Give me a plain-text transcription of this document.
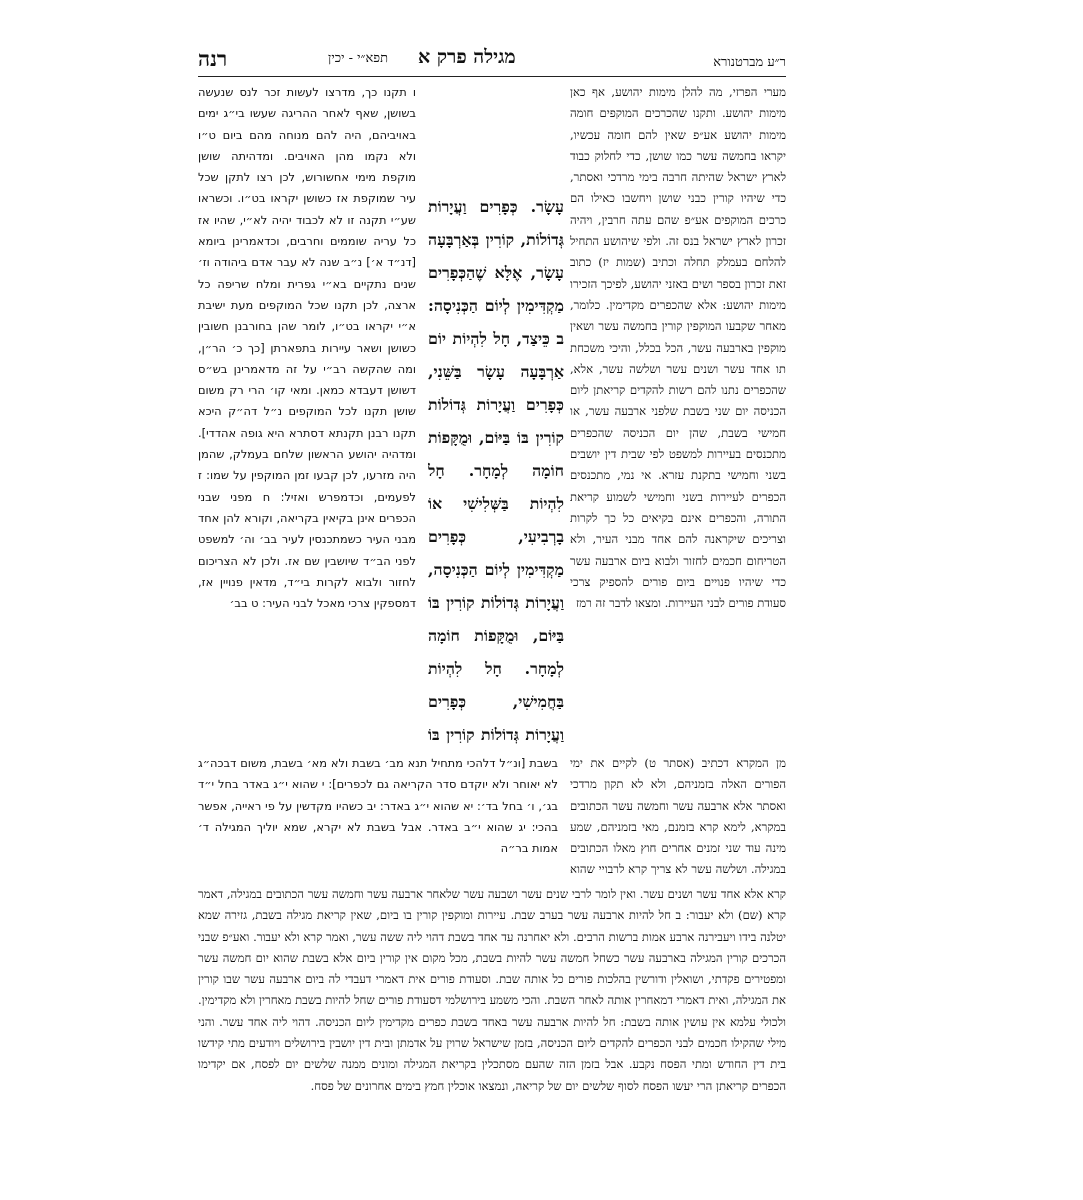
ר״ע מברטנורא
מגילה פרק א
תפא״י - יכין
רנה

מערי הפרזי, מה להלן מימות יהושע, אף כאן מימות יהושע. ותקנו שהכרכים המוקפים חומה מימות יהושע אע״פ שאין להם חומה עכשיו, יקראו בחמשה עשר כמו שושן, כדי לחלוק כבוד לארץ ישראל שהיתה חרבה בימי מרדכי ואסתר, כדי שיהיו קורין כבני שושן ויחשבו כאילו הם כרכים המוקפים אע״פ שהם עתה חרבין, ויהיה זכרון לארץ ישראל בנס זה. ולפי שיהושע התחיל להלחם בעמלק תחלה וכתיב (שמות יז) כתוב זאת זכרון בספר ושים באזני יהושע, לפיכך הזכירו מימות יהושע: אלא שהכפרים מקדימין. כלומר, מאחר שקבעו המוקפין קורין בחמשה עשר ושאין מוקפין בארבעה עשר, הכל בכלל, והיכי משכחת תו אחד עשר ושנים עשר ושלשה עשר, אלא, שהכפרים נתנו להם רשות להקדים קריאתן ליום הכניסה יום שני בשבת שלפני ארבעה עשר, או חמישי בשבת, שהן יום הכניסה שהכפרים מתכנסים בעיירות למשפט לפי שבית דין יושבים בשני וחמישי בתקנת עזרא. אי נמי, מתכנסים הכפרים לעיירות בשני וחמישי לשמוע קריאת התורה, והכפרים אינם בקיאים כל כך לקרות וצריכים שיקראנה להם אחד מבני העיר, ולא הטריחום חכמים לחזור ולבוא ביום ארבעה עשר כדי שיהיו פנויים ביום פורים להספיק צרכי סעודת פורים לבני העיירות. ומצאו לדבר זה רמז

עָשָׂר. כְּפָרִים וַעֲיָרוֹת גְּדוֹלוֹת, קוֹרִין בְּאַרְבָּעָה עָשָׂר, אֶלָּא שֶׁהַכְּפָרִים מַקְדִּימִין לְיוֹם הַכְּנִיסָה: ב כֵּיצַד, חָל לִהְיוֹת יוֹם אַרְבָּעָה עָשָׂר בַּשֵּׁנִי, כְּפָרִים וַעֲיָרוֹת גְּדוֹלוֹת קוֹרִין בּוֹ בַּיּוֹם, וּמֻקָּפוֹת חוֹמָה לְמָחָר. חָל לִהְיוֹת בַּשְּׁלִישִׁי אוֹ בָרְבִיעִי, כְּפָרִים מַקְדִּימִין לְיוֹם הַכְּנִיסָה, וַעֲיָרוֹת גְּדוֹלוֹת קוֹרִין בּוֹ בַּיּוֹם, וּמֻקָּפוֹת חוֹמָה לְמָחָר. חָל לִהְיוֹת בַּחֲמִישִׁי, כְּפָרִים וַעֲיָרוֹת גְּדוֹלוֹת קוֹרִין בּוֹ

ו תקנו כך, מדרצו לעשות זכר לנס שנעשה בשושן, שאף לאחר ההריגה שעשו בי״ג ימים באויביהם, היה להם מנוחה מהם ביום ט״ו ולא נקמו מהן האויבים. ומדהיתה שושן מוקפת מימי אחשורוש, לכן רצו לתקן שכל עיר שמוקפת אז כשושן יקראו בט״ו. וכשראו שע״י תקנה זו לא לכבוד יהיה לא״י, שהיו אז כל עריה שוממים וחרבים, וכדאמרינן ביומא [דנ״ד א׳] נ״ב שנה לא עבר אדם ביהודה וז׳ שנים נתקיים בא״י גפרית ומלח שריפה כל ארצה, לכן תקנו שכל המוקפים מעת ישיבת א״י יקראו בט״ו, לומר שהן בחורבנן חשובין כשושן ושאר עיירות בתפארתן [כך כ׳ הר״ן, ומה שהקשה רב״י על זה מדאמרינן בש״ס דשושן דעבדא כמאן. ומאי קו׳ הרי רק משום שושן תקנו לכל המוקפים נ״ל דה״ק היכא תקנו רבנן תקנתא דסתרא היא גופה אהדדי]. ומדהיה יהושע הראשון שלחם בעמלק, שהמן היה מזרעו, לכן קבעו זמן המוקפין על שמו: ז לפעמים, וכדמפרש ואזיל: ח מפני שבני הכפרים אינן בקיאין בקריאה, וקורא להן אחד מבני העיר כשמתכנסין לעיר בב׳ וה׳ למשפט לפני הב״ד שיושבין שם אז. ולכן לא הצריכום לחזור ולבוא לקרות בי״ד, מדאין פנויין אז, דמספקין צרכי מאכל לבני העיר: ט בב׳

מן המקרא דכתיב (אסתר ט) לקיים את ימי הפורים האלה בזמניהם, ולא לא תקון מרדכי ואסתר אלא ארבעה עשר וחמשה עשר הכתובים במקרא, לימא קרא בזמנם, מאי בזמניהם, שמע מינה עוד שני זמנים אחרים חוץ מאלו הכתובים במגילה. ושלשה עשר לא צריך קרא לרבויי שהוא

בשבת [ונ״ל דלהכי מתחיל תנא מב׳ בשבת ולא מא׳ בשבת, משום דבכה״ג לא יאוחר ולא יוקדם סדר הקריאה גם לכפרים]: י שהוא י״ג באדר בחל י״ד בג׳, ו׳ בחל בד׳: יא שהוא י״ג באדר: יב כשהיו מקדשין על פי ראייה, אפשר בהכי: יג שהוא י״ב באדר. אבל בשבת לא יקרא, שמא יוליך המגילה ד׳ אמות בר״ה

קרא אלא אחד עשר ושנים עשר. ואין לומר לרבי שנים עשר ושבעה עשר שלאחר ארבעה עשר וחמשה עשר הכתובים במגילה, דאמר קרא (שם) ולא יעבור: ב חל להיות ארבעה עשר בערב שבת. עיירות ומוקפין קורין בו ביום, שאין קריאת מגילה בשבת, גזירה שמא יטלנה בידו ויעבירנה ארבע אמות ברשות הרבים. ולא יאחרנה עד אחד בשבת דהוי ליה ששה עשר, ואמר קרא ולא יעבור. ואע״פ שבני הכרכים קורין המגילה בארבעה עשר כשחל חמשה עשר להיות בשבת, מכל מקום אין קורין ביום אלא בשבת שהוא יום חמשה עשר ומפטירים פקדתי, ושואלין ודורשין בהלכות פורים כל אותה שבת. וסעודת פורים אית דאמרי דעבדי לה ביום ארבעה עשר שבו קורין את המגילה, ואית דאמרי דמאחרין אותה לאחר השבת. והכי משמע בירושלמי דסעודת פורים שחל להיות בשבת מאחרין ולא מקדימין. ולכולי עלמא אין עושין אותה בשבת: חל להיות ארבעה עשר באחד בשבת כפרים מקדימין ליום הכניסה. דהוי ליה אחד עשר. והני מילי שהקילו חכמים לבני הכפרים להקדים ליום הכניסה, בזמן שישראל שרוין על אדמתן ובית דין יושבין בירושלים ויודעים מתי קידשו בית דין החודש ומתי הפסח נקבע. אבל בזמן הזה שהעם מסתכלין בקריאת המגילה ומונים ממנה שלשים יום לפסח, אם יקדימו הכפרים קריאתן הרי יעשו הפסח לסוף שלשים יום של קריאה, ונמצאו אוכלין חמץ בימים אחרונים של פסח.
